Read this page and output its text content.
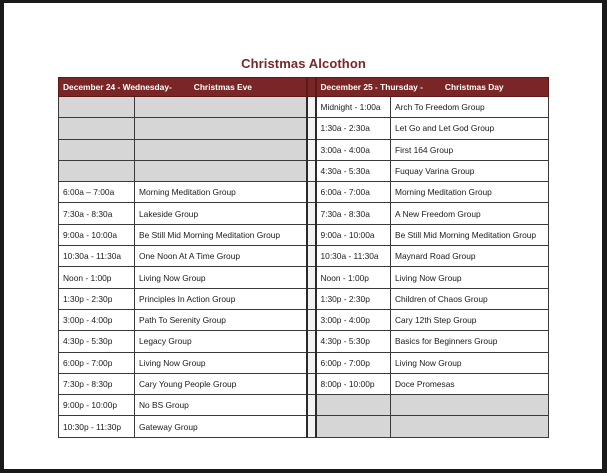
Christmas Alcothon
December 24 - Wednesday- Christmas Eve			December 25 - Thursday - Christmas Day	
			Midnight - 1:00a	Arch To Freedom Group
			1:30a - 2:30a	Let Go and Let God Group
			3:00a - 4:00a	First 164 Group
			4:30a - 5:30a	Fuquay Varina Group
6:00a – 7:00a	Morning Meditation Group		6:00a - 7:00a	Morning Meditation Group
7:30a - 8:30a	Lakeside Group		7:30a - 8:30a	A New Freedom Group
9:00a - 10:00a	Be Still Mid Morning Meditation Group		9:00a - 10:00a	Be Still Mid Morning Meditation Group
10:30a - 11:30a	One Noon At A Time Group		10:30a - 11:30a	Maynard Road Group
Noon - 1:00p	Living Now Group		Noon - 1:00p	Living Now Group
1:30p - 2:30p	Principles In Action Group		1:30p - 2:30p	Children of Chaos Group
3:00p - 4:00p	Path To Serenity Group		3:00p - 4:00p	Cary 12th Step Group
4:30p - 5:30p	Legacy Group		4:30p - 5:30p	Basics for Beginners Group
6:00p - 7:00p	Living Now Group		6:00p - 7:00p	Living Now Group
7:30p - 8:30p	Cary Young People Group		8:00p - 10:00p	Doce Promesas
9:00p - 10:00p	No BS Group			
10:30p - 11:30p	Gateway Group			
